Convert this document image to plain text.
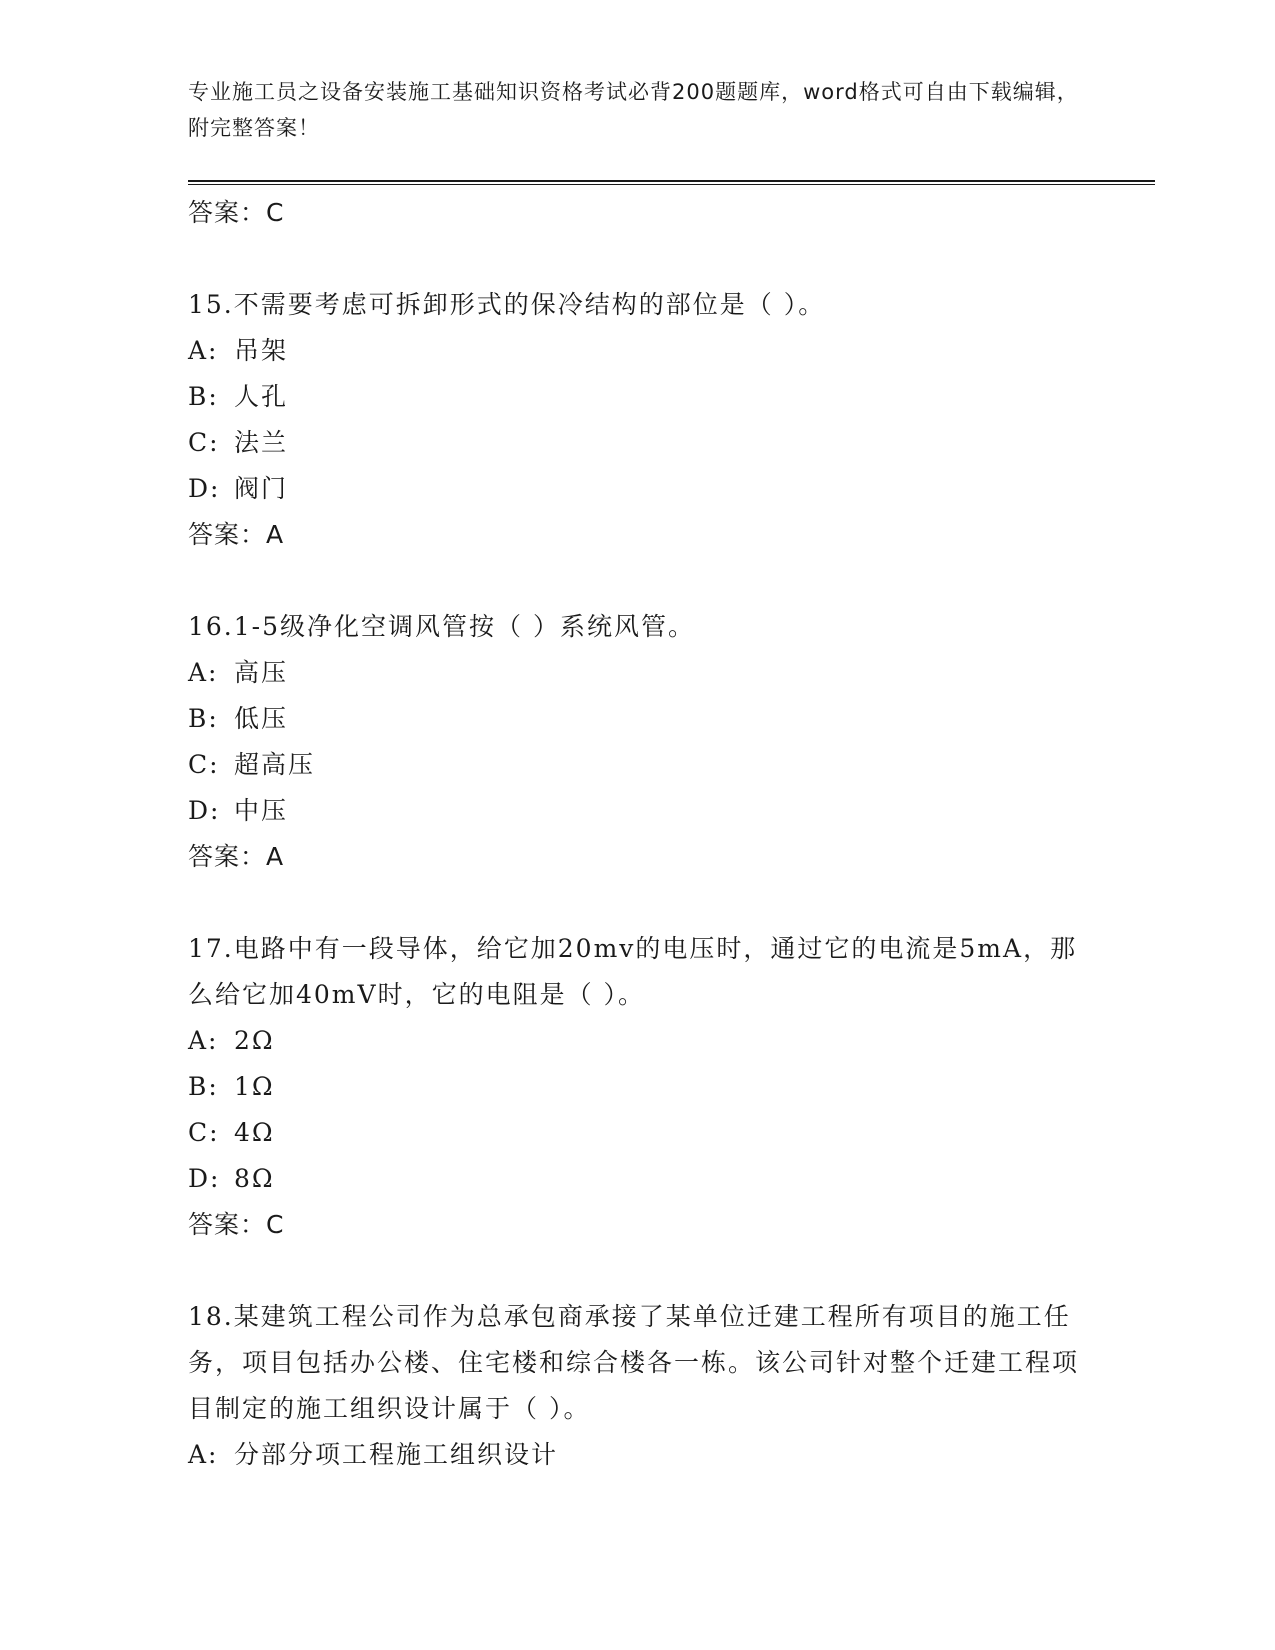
专业施工员之设备安装施工基础知识资格考试必背200题题库，word格式可自由下载编辑，附完整答案！
答案：C
15.不需要考虑可拆卸形式的保冷结构的部位是（ ）。
A: 吊架
B: 人孔
C: 法兰
D: 阀门
答案：A
16.1-5级净化空调风管按（ ）系统风管。
A: 高压
B: 低压
C: 超高压
D: 中压
答案：A
17.电路中有一段导体，给它加20mv的电压时，通过它的电流是5mA，那么给它加40mV时，它的电阻是（ ）。
A: 2Ω
B: 1Ω
C: 4Ω
D: 8Ω
答案：C
18.某建筑工程公司作为总承包商承接了某单位迁建工程所有项目的施工任务，项目包括办公楼、住宅楼和综合楼各一栋。该公司针对整个迁建工程项目制定的施工组织设计属于（ ）。
A: 分部分项工程施工组织设计
